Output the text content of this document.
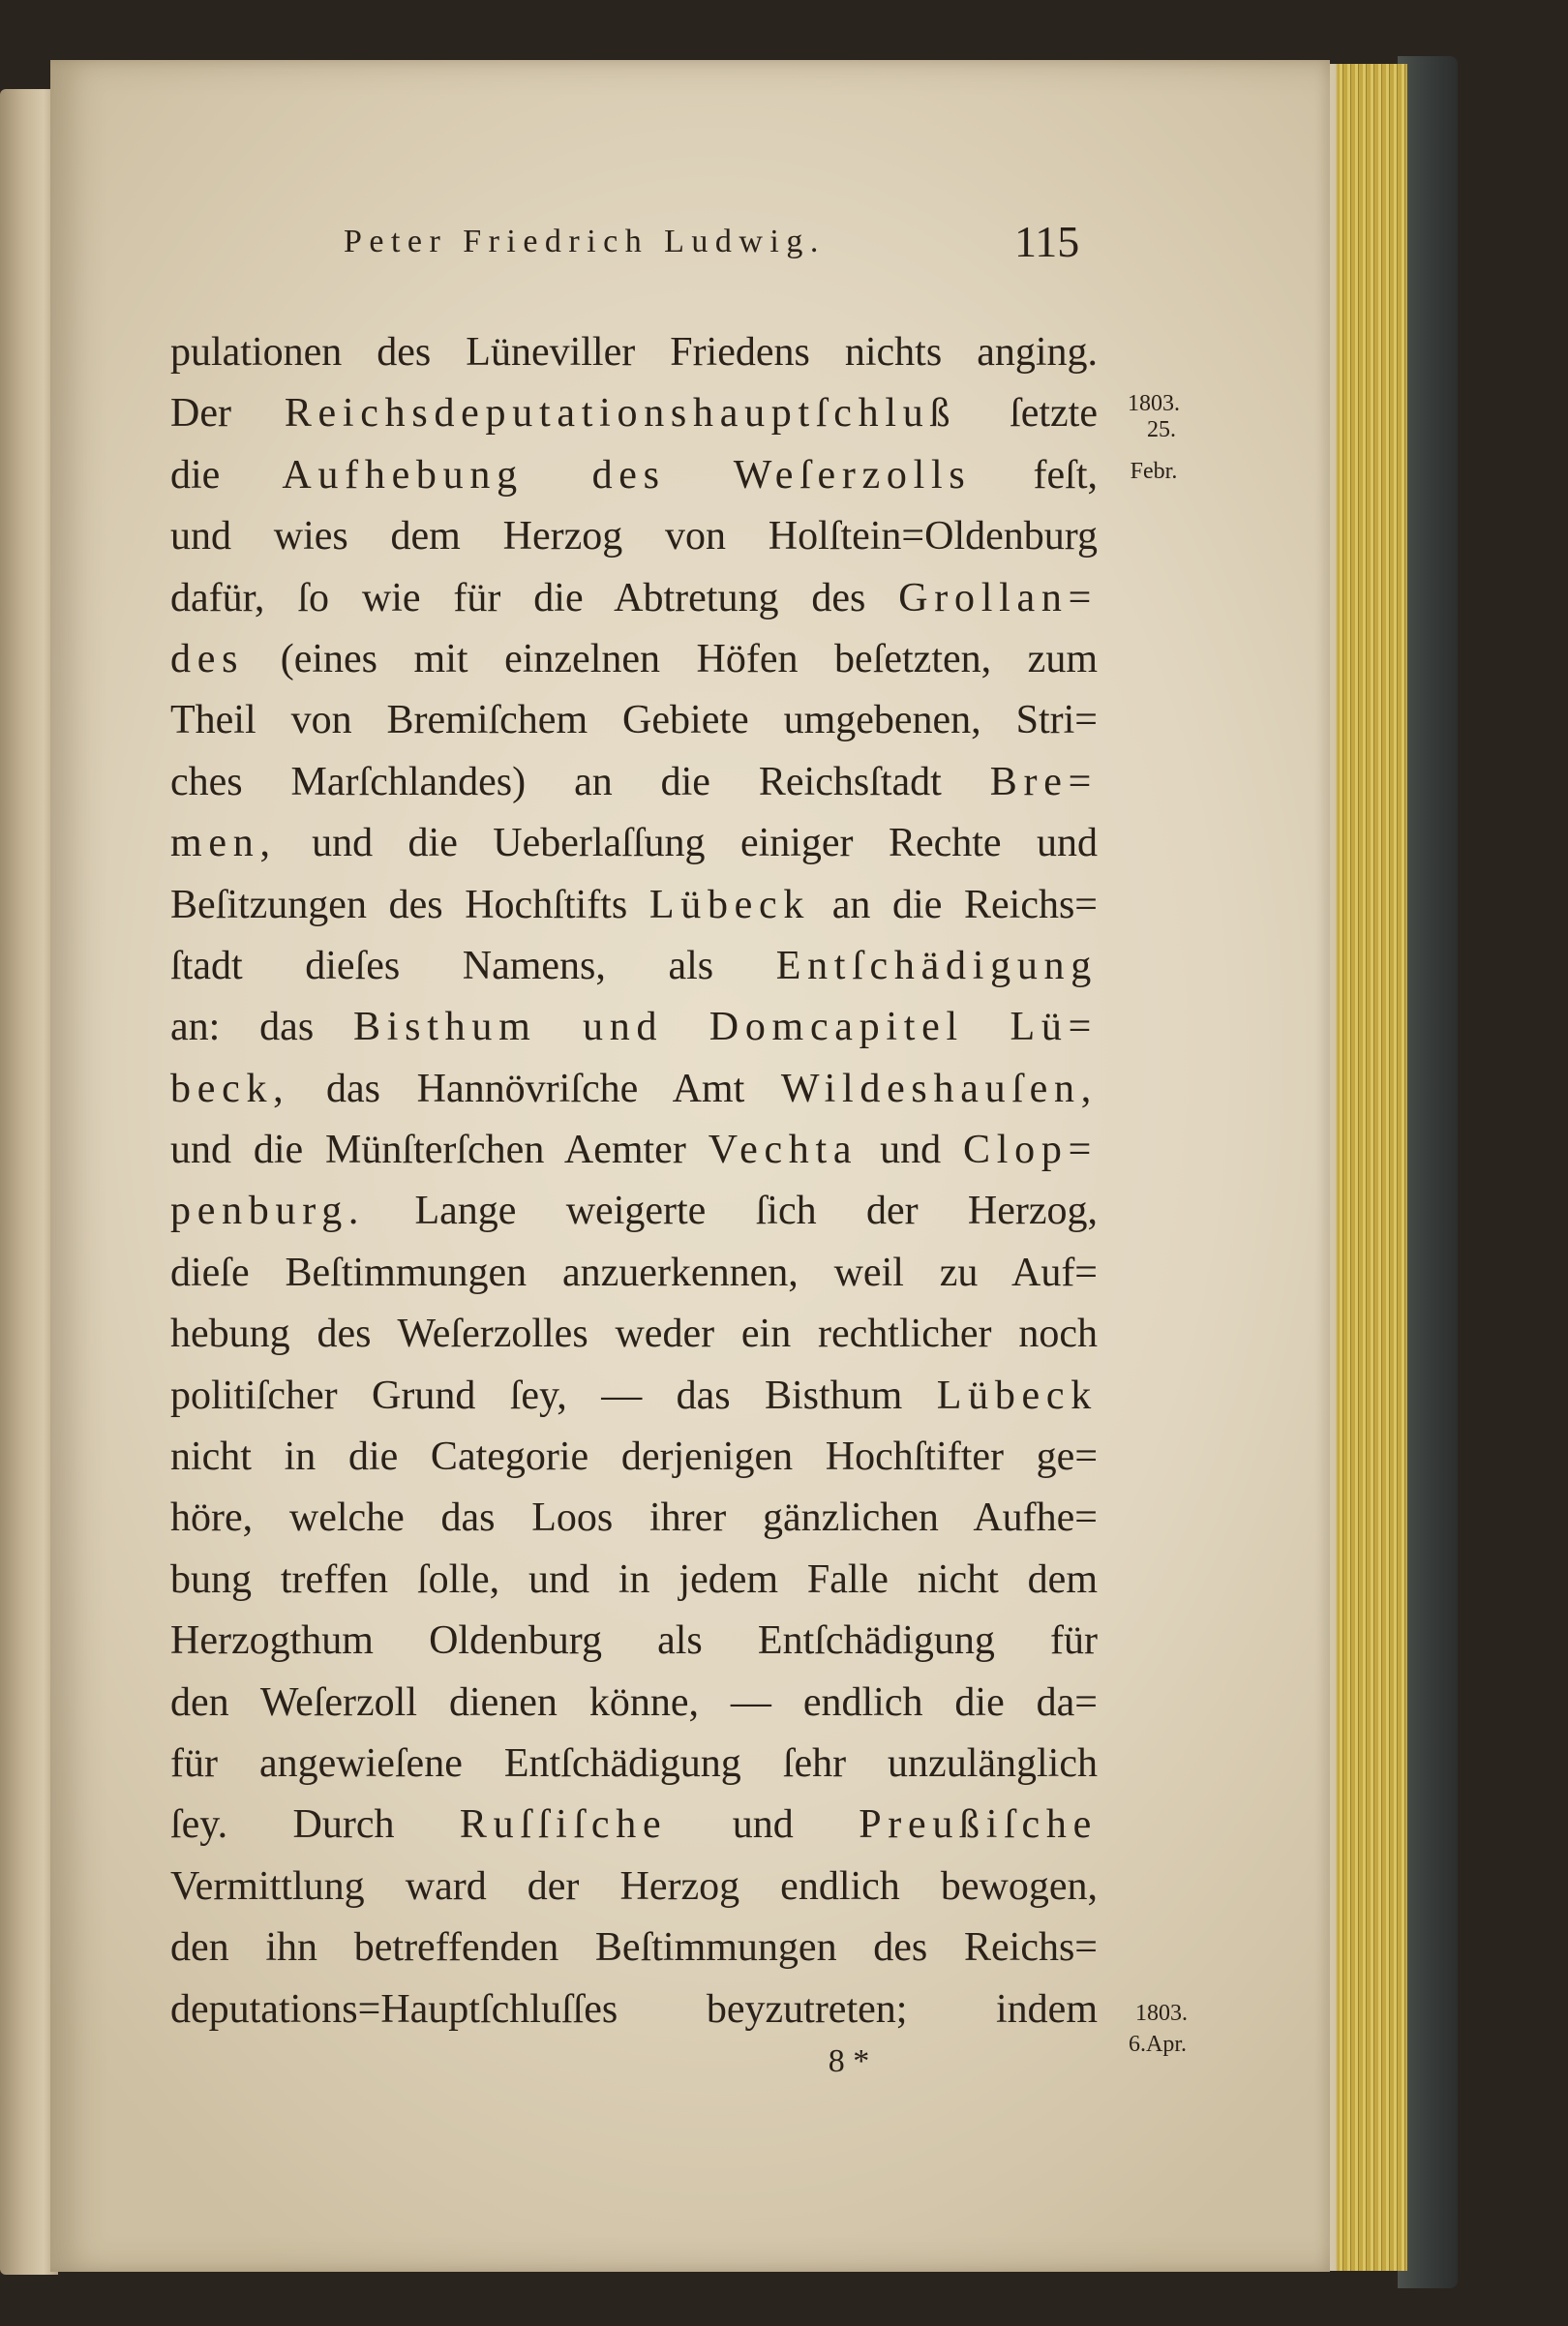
Peter Friedrich Ludwig.	115
pulationen des Lüneviller Friedens nichts anging.
Der Reichsdeputationshauptſchluß ſetzte
die Aufhebung des Weſerzolls feſt,
und wies dem Herzog von Holſtein=Oldenburg
dafür, ſo wie für die Abtretung des Grollan=
des (eines mit einzelnen Höfen beſetzten, zum
Theil von Bremiſchem Gebiete umgebenen, Stri=
ches Marſchlandes) an die Reichsſtadt Bre=
men, und die Ueberlaſſung einiger Rechte und
Beſitzungen des Hochſtifts Lübeck an die Reichs=
ſtadt dieſes Namens, als Entſchädigung
an: das Bisthum und Domcapitel Lü=
beck, das Hannövriſche Amt Wildeshauſen,
und die Münſterſchen Aemter Vechta und Clop=
penburg. Lange weigerte ſich der Herzog,
dieſe Beſtimmungen anzuerkennen, weil zu Auf=
hebung des Weſerzolles weder ein rechtlicher noch
politiſcher Grund ſey, — das Bisthum Lübeck
nicht in die Categorie derjenigen Hochſtifter ge=
höre, welche das Loos ihrer gänzlichen Aufhe=
bung treffen ſolle, und in jedem Falle nicht dem
Herzogthum Oldenburg als Entſchädigung für
den Weſerzoll dienen könne, — endlich die da=
für angewieſene Entſchädigung ſehr unzulänglich
ſey. Durch Ruſſiſche und Preußiſche
Vermittlung ward der Herzog endlich bewogen,
den ihn betreffenden Beſtimmungen des Reichs=
deputations=Hauptſchluſſes beyzutreten; indem
1803.
25.
Febr.
1803.
6.Apr.
8 *
